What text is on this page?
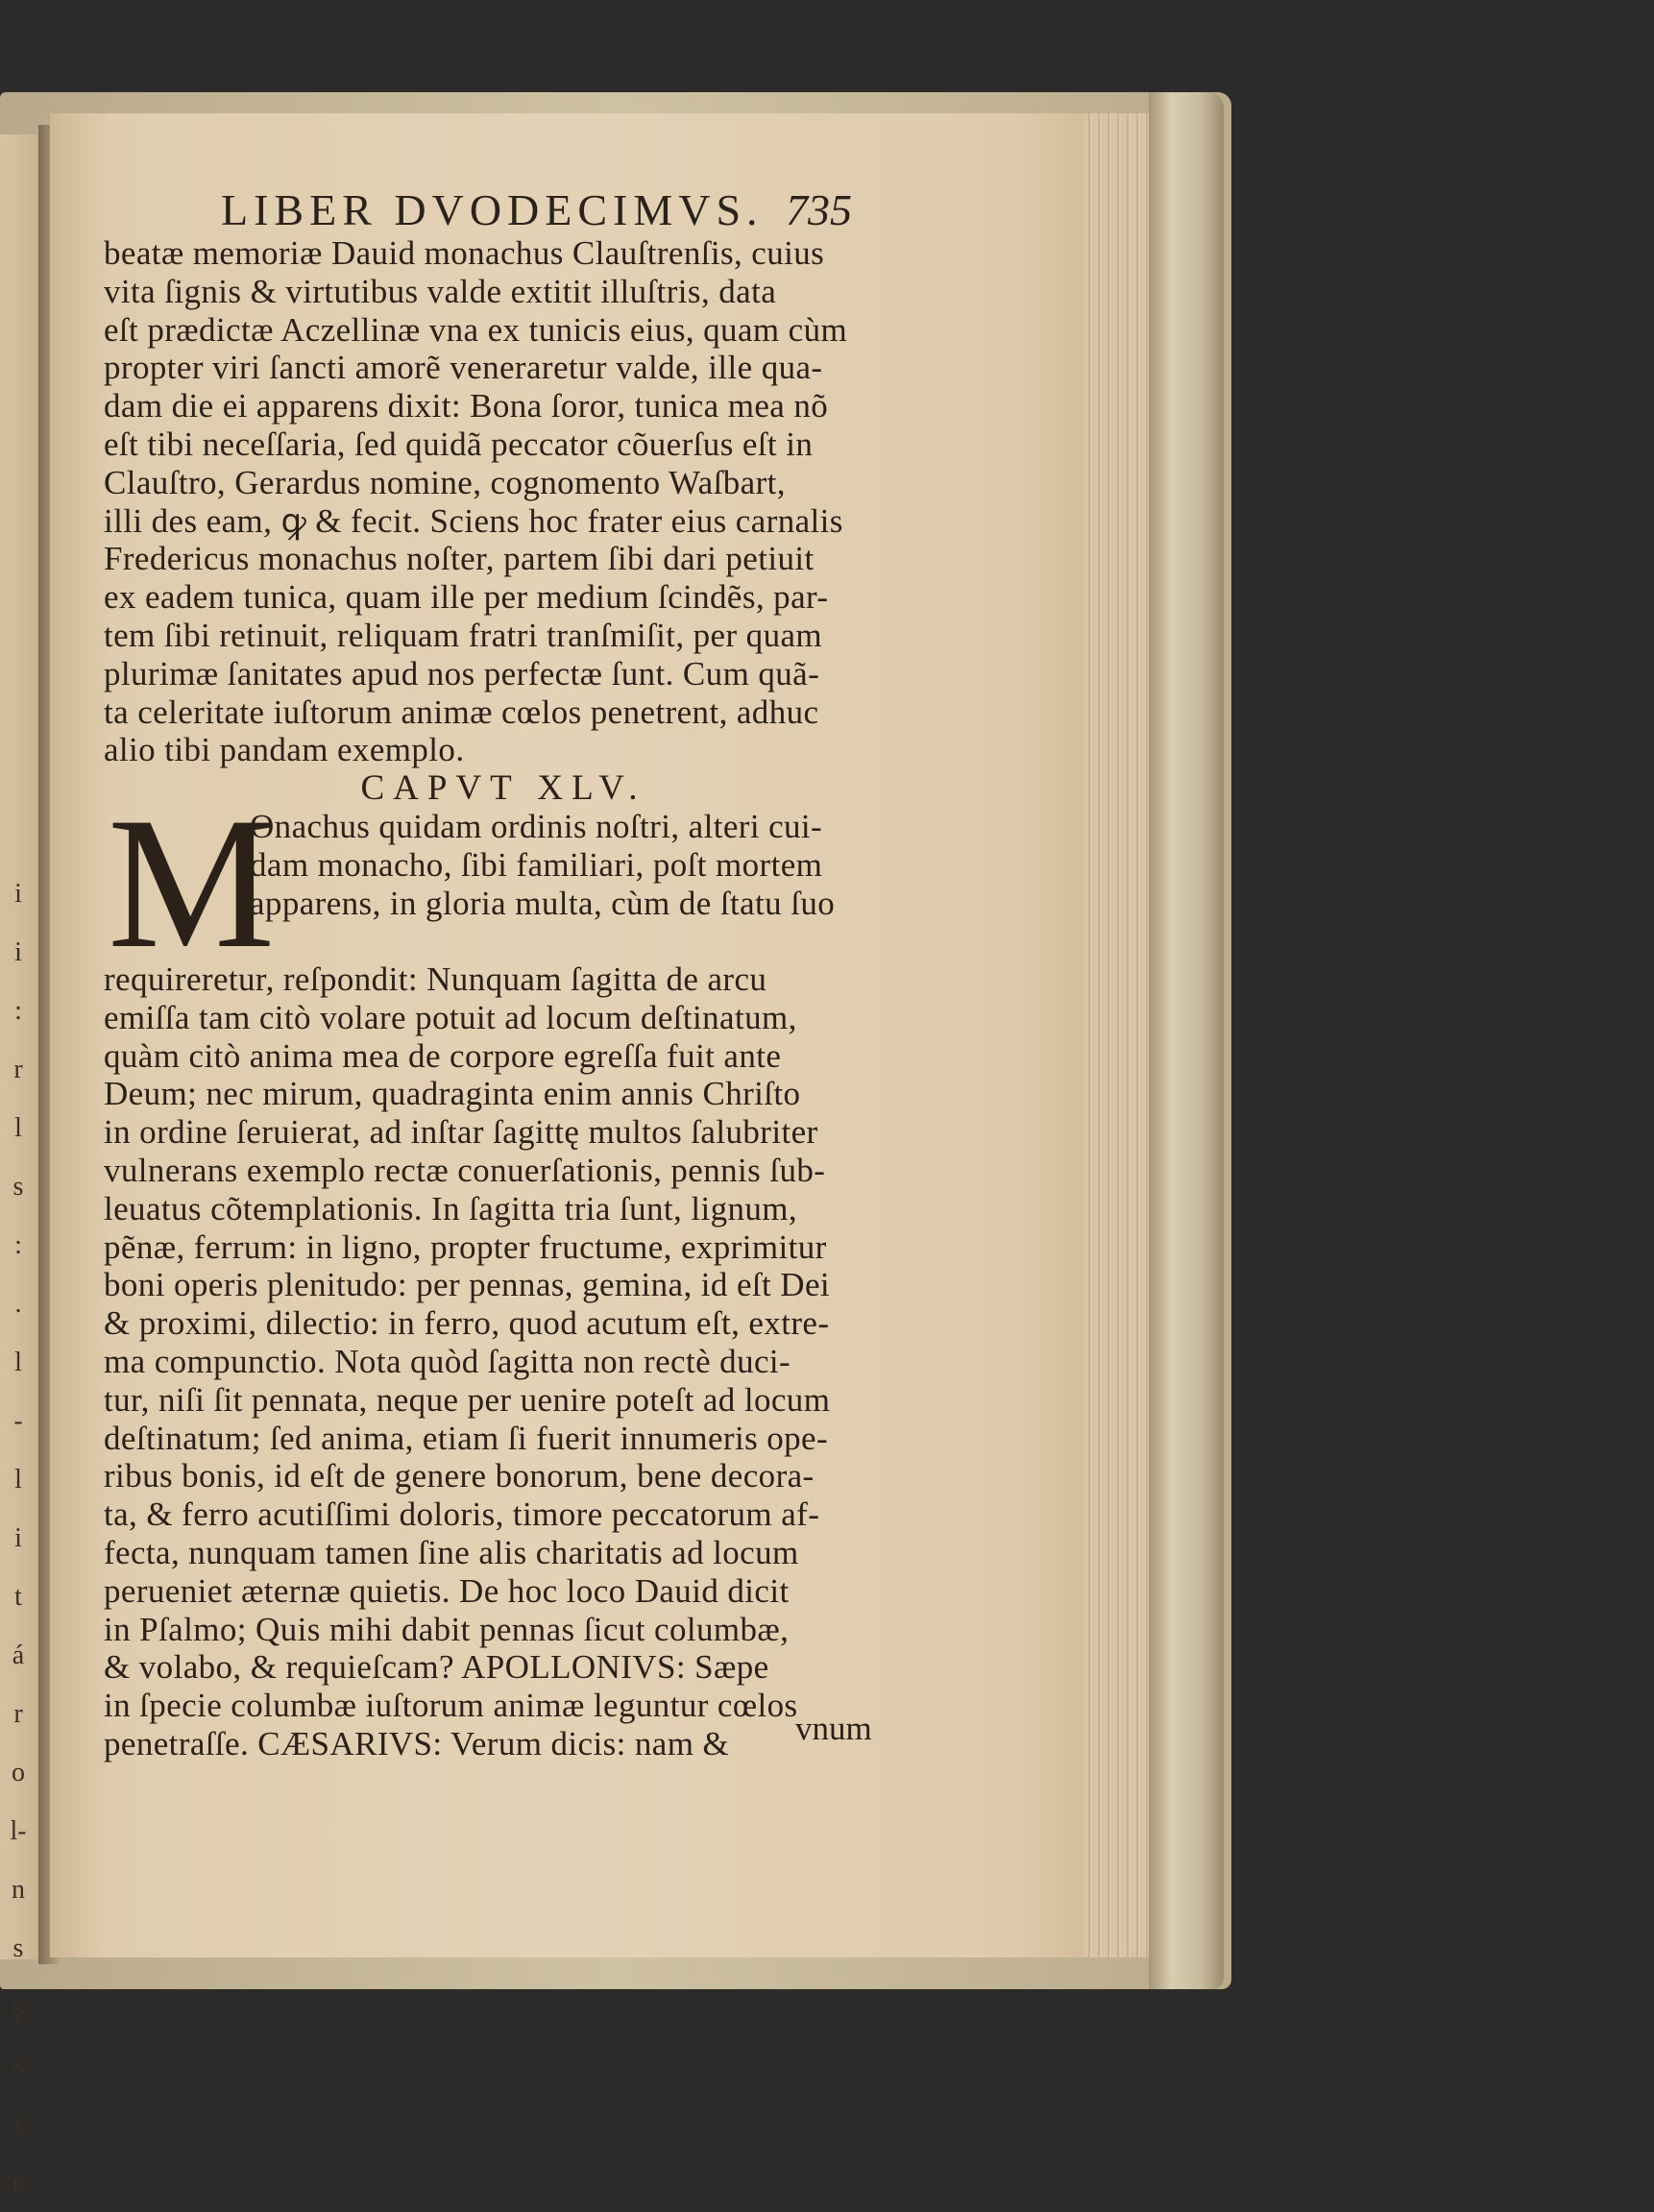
i
i
:
r
l
s
:
.
l
-
l
i
t
á
r
o
l-
n
s
ş
s
t
e
LIBER DVODECIMVS. 735

beatæ memoriæ Dauid monachus Clauſtrenſis, cuius
vita ſignis & virtutibus valde extitit illuſtris, data
eſt prædictæ Aczellinæ vna ex tunicis eius, quam cùm
propter viri ſancti amorẽ veneraretur valde, ille qua-
dam die ei apparens dixit: Bona ſoror, tunica mea nõ
eſt tibi neceſſaria, ſed quidã peccator cõuerſus eſt in
Clauſtro, Gerardus nomine, cognomento Waſbart,
illi des eam, ꝙ & fecit. Sciens hoc frater eius carnalis
Fredericus monachus noſter, partem ſibi dari petiuit
ex eadem tunica, quam ille per medium ſcindẽs, par-
tem ſibi retinuit, reliquam fratri tranſmiſit, per quam
plurimæ ſanitates apud nos perfectæ ſunt. Cum quã-
ta celeritate iuſtorum animæ cœlos penetrent, adhuc
alio tibi pandam exemplo.
CAPVT XLV.
M
Onachus quidam ordinis noſtri, alteri cui-
dam monacho, ſibi familiari, poſt mortem
apparens, in gloria multa, cùm de ſtatu ſuo
requireretur, reſpondit: Nunquam ſagitta de arcu
emiſſa tam citò volare potuit ad locum deſtinatum,
quàm citò anima mea de corpore egreſſa fuit ante
Deum; nec mirum, quadraginta enim annis Chriſto
in ordine ſeruierat, ad inſtar ſagittę multos ſalubriter
vulnerans exemplo rectæ conuerſationis, pennis ſub-
leuatus cõtemplationis. In ſagitta tria ſunt, lignum,
pẽnæ, ferrum: in ligno, propter fructume, exprimitur
boni operis plenitudo: per pennas, gemina, id eſt Dei
& proximi, dilectio: in ferro, quod acutum eſt, extre-
ma compunctio. Nota quòd ſagitta non rectè duci-
tur, niſi ſit pennata, neque per uenire poteſt ad locum
deſtinatum; ſed anima, etiam ſi fuerit innumeris ope-
ribus bonis, id eſt de genere bonorum, bene decora-
ta, & ferro acutiſſimi doloris, timore peccatorum af-
fecta, nunquam tamen ſine alis charitatis ad locum
perueniet æternæ quietis. De hoc loco Dauid dicit
in Pſalmo; Quis mihi dabit pennas ſicut columbæ,
& volabo, & requieſcam? APOLLONIVS: Sæpe
in ſpecie columbæ iuſtorum animæ leguntur cœlos
penetraſſe. CÆSARIVS: Verum dicis: nam &	vnum
